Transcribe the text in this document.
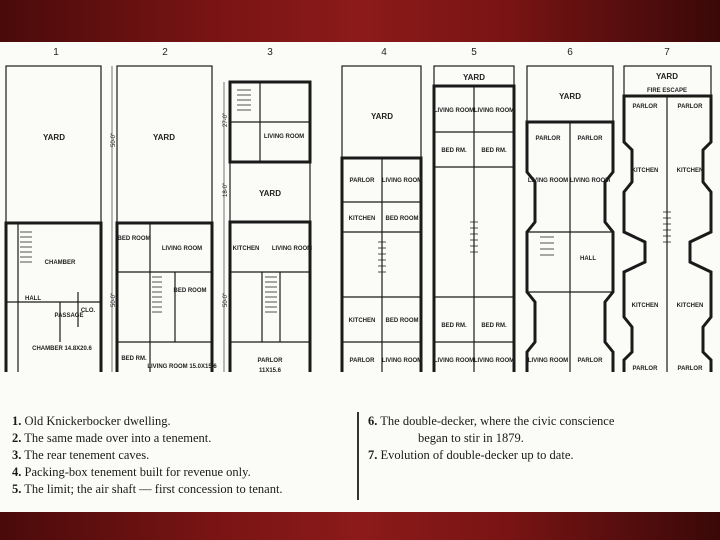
1	2	3	4	5	6	7
YARD	YARD
YARD
YARD
YARD
YARD
YARD
CHAMBER
HALL
PASSAGE
CLO.
CHAMBER 14.8X20.6
BED ROOM
LIVING ROOM
BED ROOM
BED RM.
LIVING ROOM 15.0X15.6
LIVING ROOM
KITCHEN LIVING ROOM
PARLOR
11X15.6
PARLOR LIVING ROOM
KITCHEN BED ROOM
KITCHEN BED ROOM
PARLOR LIVING ROOM
LIVING ROOM LIVING ROOM
BED RM. BED RM.
BED RM. BED RM.
LIVING ROOM LIVING ROOM
PARLOR	PARLOR
LIVING ROOM LIVING ROOM
HALL
LIVING ROOM PARLOR
FIRE ESCAPE
PARLOR	PARLOR
KITCHEN	KITCHEN
KITCHEN	KITCHEN
PARLOR	PARLOR
50-0"
50-0"
27-0"
18-0"
50-0"
1. Old Knickerbocker dwelling.
2. The same made over into a tenement.
3. The rear tenement caves.
4. Packing-box tenement built for revenue only.
5. The limit; the air shaft — first concession to tenant.
6. The double-decker, where the civic conscience
began to stir in 1879.
7. Evolution of double-decker up to date.
